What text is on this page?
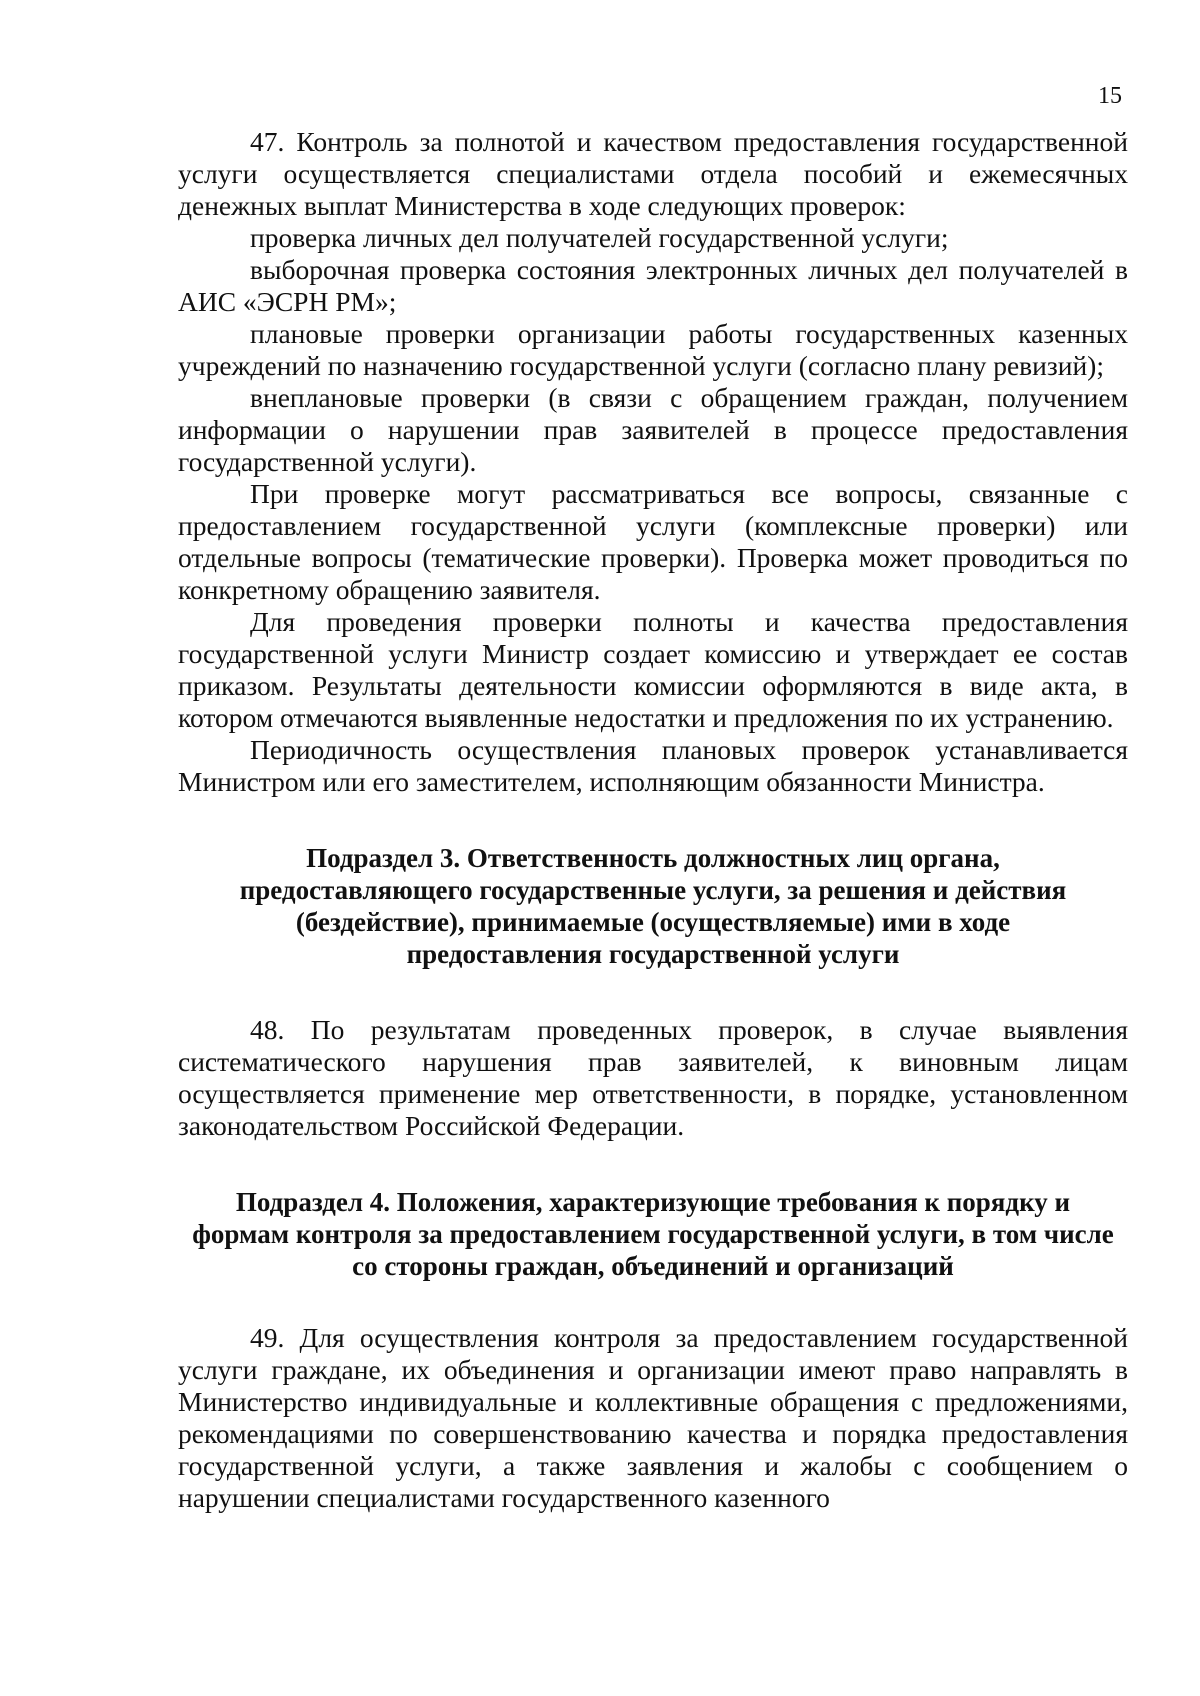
15

47. Контроль за полнотой и качеством предоставления государственной услуги осуществляется специалистами отдела пособий и ежемесячных денежных выплат Министерства в ходе следующих проверок:

проверка личных дел получателей государственной услуги;

выборочная проверка состояния электронных личных дел получателей в АИС «ЭСРН РМ»;

плановые проверки организации работы государственных казенных учреждений по назначению государственной услуги (согласно плану ревизий);

внеплановые проверки (в связи с обращением граждан, получением информации о нарушении прав заявителей в процессе предоставления государственной услуги).

При проверке могут рассматриваться все вопросы, связанные с предоставлением государственной услуги (комплексные проверки) или отдельные вопросы (тематические проверки). Проверка может проводиться по конкретному обращению заявителя.

Для проведения проверки полноты и качества предоставления государственной услуги Министр создает комиссию и утверждает ее состав приказом. Результаты деятельности комиссии оформляются в виде акта, в котором отмечаются выявленные недостатки и предложения по их устранению.

Периодичность осуществления плановых проверок устанавливается Министром или его заместителем, исполняющим обязанности Министра.

Подраздел 3. Ответственность должностных лиц органа, предоставляющего государственные услуги, за решения и действия (бездействие), принимаемые (осуществляемые) ими в ходе предоставления государственной услуги

48. По результатам проведенных проверок, в случае выявления систематического нарушения прав заявителей, к виновным лицам осуществляется применение мер ответственности, в порядке, установленном законодательством Российской Федерации.

Подраздел 4. Положения, характеризующие требования к порядку и формам контроля за предоставлением государственной услуги, в том числе со стороны граждан, объединений и организаций

49. Для осуществления контроля за предоставлением государственной услуги граждане, их объединения и организации имеют право направлять в Министерство индивидуальные и коллективные обращения с предложениями, рекомендациями по совершенствованию качества и порядка предоставления государственной услуги, а также заявления и жалобы с сообщением о нарушении специалистами государственного казенного
